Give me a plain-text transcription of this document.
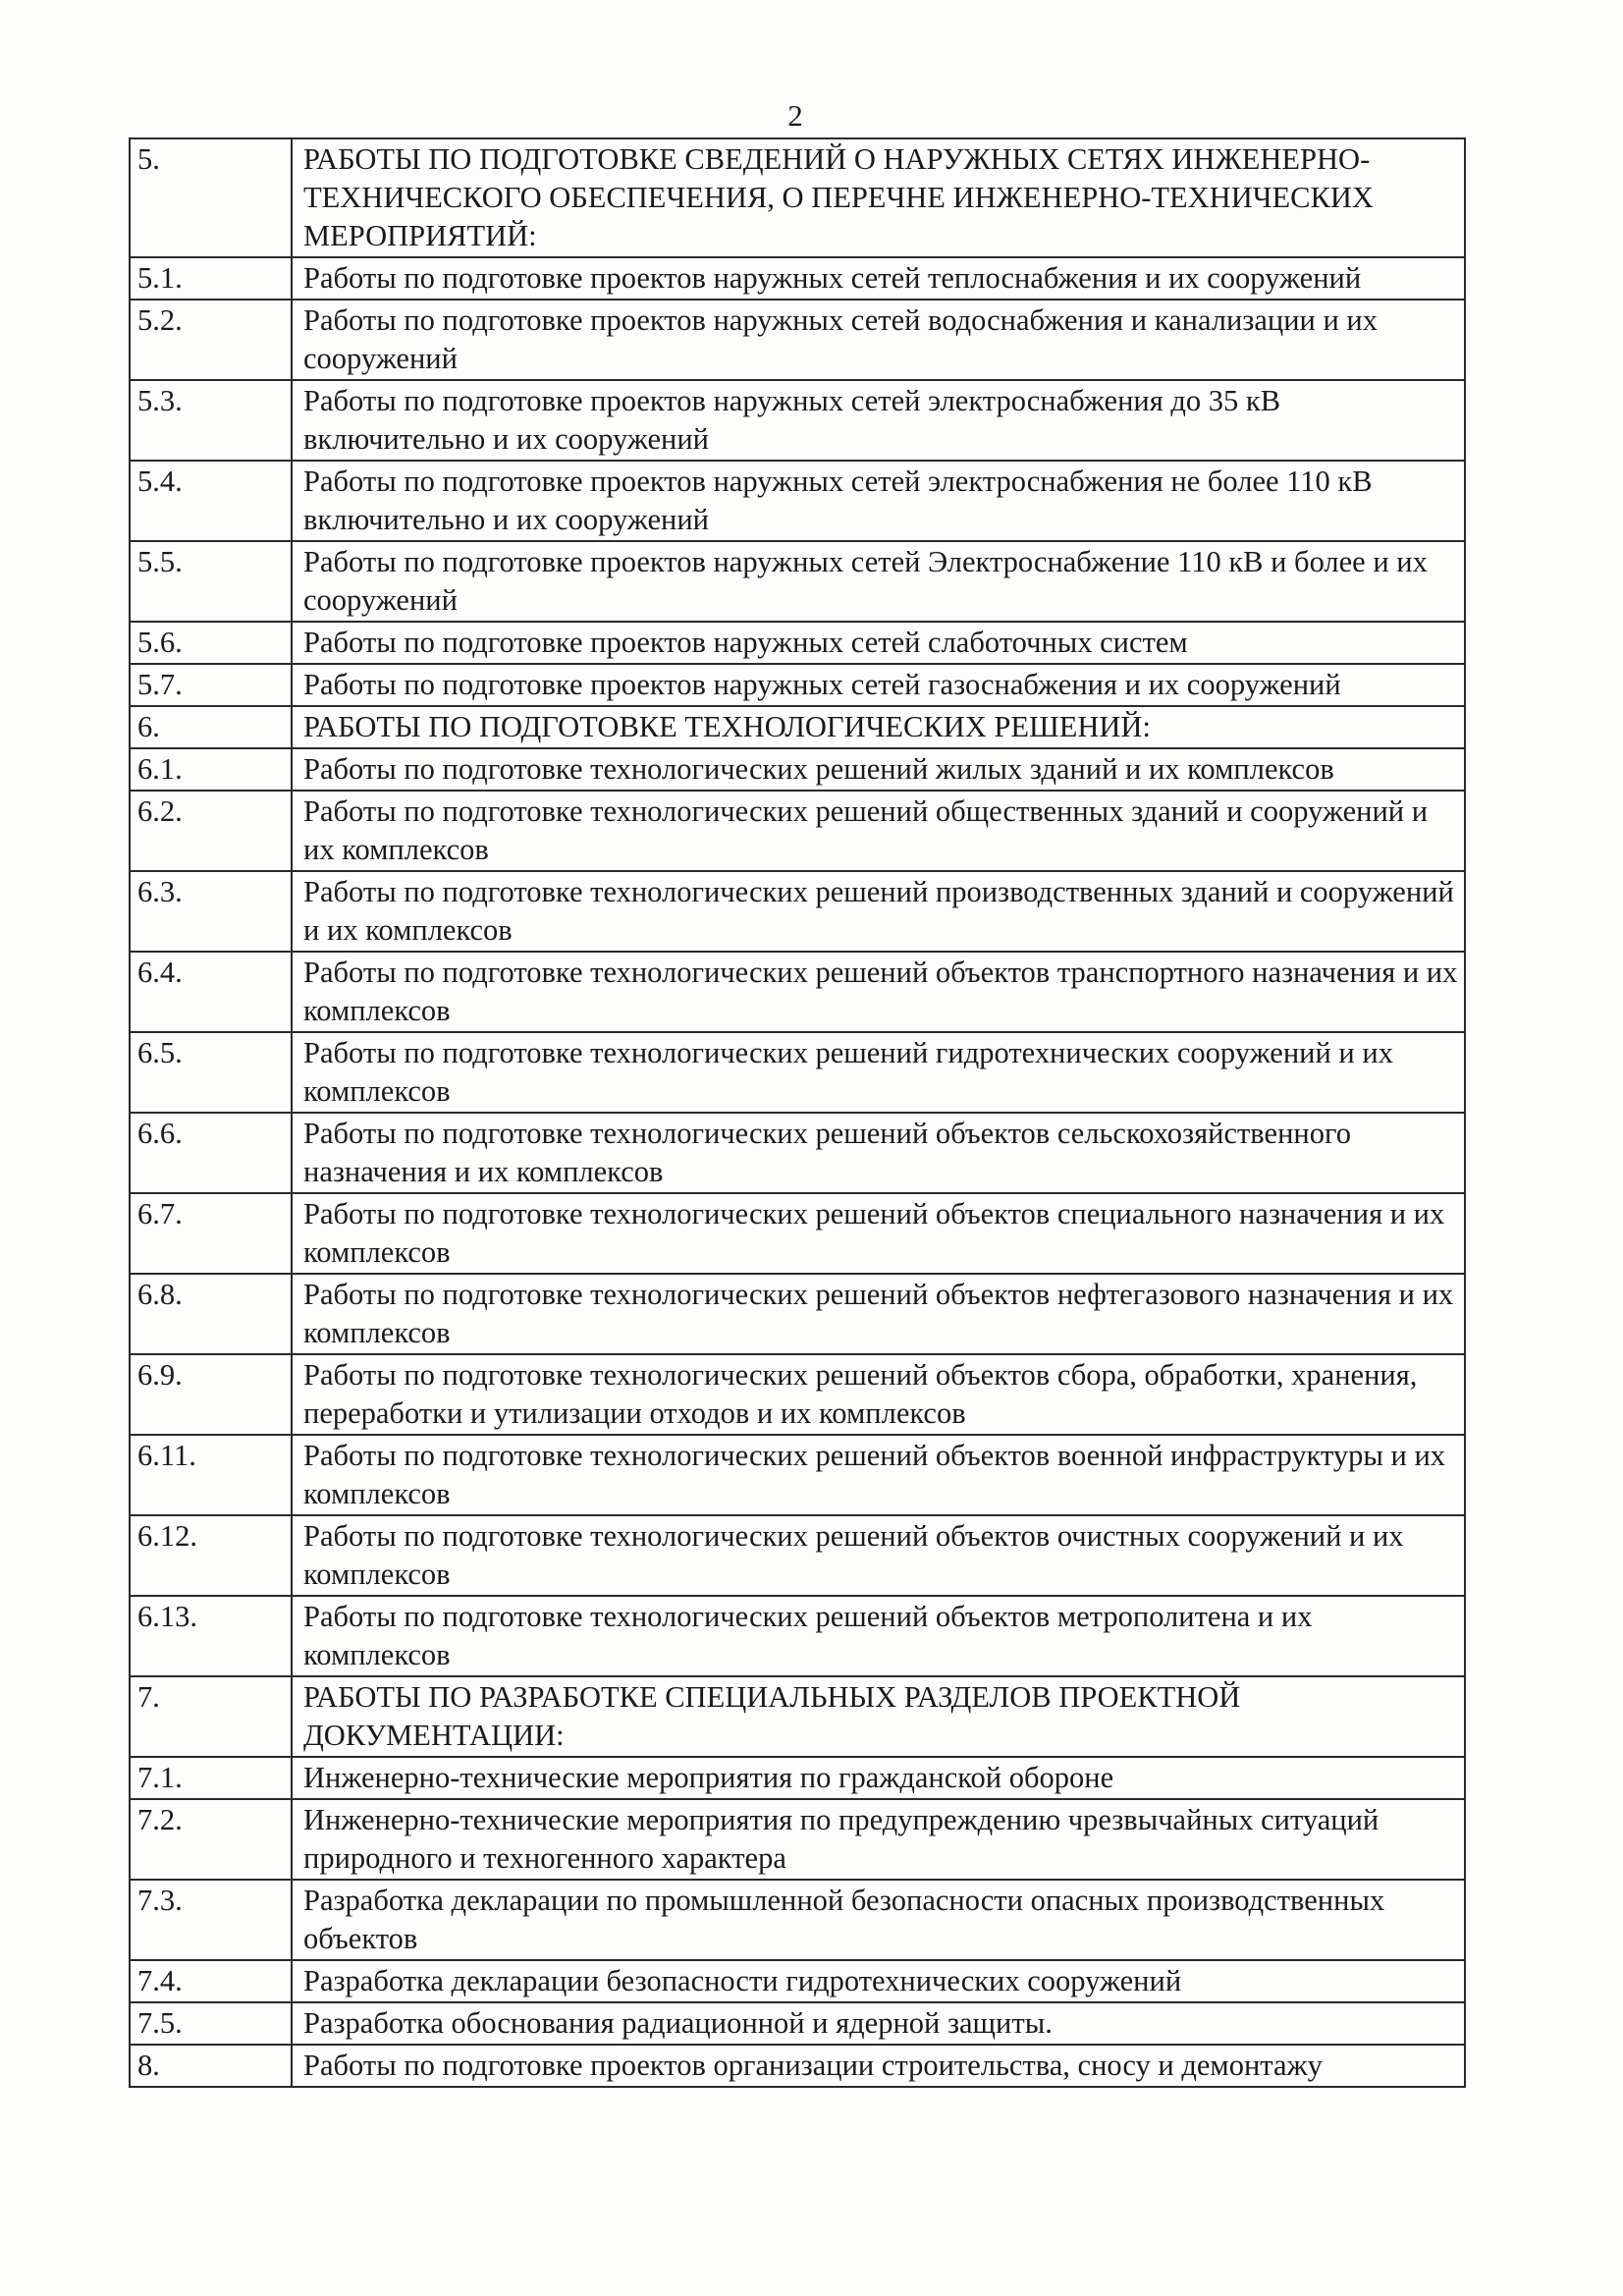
2
5.	РАБОТЫ ПО ПОДГОТОВКЕ СВЕДЕНИЙ О НАРУЖНЫХ СЕТЯХ ИНЖЕНЕРНО-ТЕХНИЧЕСКОГО ОБЕСПЕЧЕНИЯ, О ПЕРЕЧНЕ ИНЖЕНЕРНО-ТЕХНИЧЕСКИХ МЕРОПРИЯТИЙ:
5.1.	Работы по подготовке проектов наружных сетей теплоснабжения и их сооружений
5.2.	Работы по подготовке проектов наружных сетей водоснабжения и канализации и их сооружений
5.3.	Работы по подготовке проектов наружных сетей электроснабжения до 35 кВ включительно и их сооружений
5.4.	Работы по подготовке проектов наружных сетей электроснабжения не более 110 кВ включительно и их сооружений
5.5.	Работы по подготовке проектов наружных сетей Электроснабжение 110 кВ и более и их сооружений
5.6.	Работы по подготовке проектов наружных сетей слаботочных систем
5.7.	Работы по подготовке проектов наружных сетей газоснабжения и их сооружений
6.	РАБОТЫ ПО ПОДГОТОВКЕ ТЕХНОЛОГИЧЕСКИХ РЕШЕНИЙ:
6.1.	Работы по подготовке технологических решений жилых зданий и их комплексов
6.2.	Работы по подготовке технологических решений общественных зданий и сооружений и их комплексов
6.3.	Работы по подготовке технологических решений производственных зданий и сооружений и их комплексов
6.4.	Работы по подготовке технологических решений объектов транспортного назначения и их комплексов
6.5.	Работы по подготовке технологических решений гидротехнических сооружений и их комплексов
6.6.	Работы по подготовке технологических решений объектов сельскохозяйственного назначения и их комплексов
6.7.	Работы по подготовке технологических решений объектов специального назначения и их комплексов
6.8.	Работы по подготовке технологических решений объектов нефтегазового назначения и их комплексов
6.9.	Работы по подготовке технологических решений объектов сбора, обработки, хранения, переработки и утилизации отходов и их комплексов
6.11.	Работы по подготовке технологических решений объектов военной инфраструктуры и их комплексов
6.12.	Работы по подготовке технологических решений объектов очистных сооружений и их комплексов
6.13.	Работы по подготовке технологических решений объектов метрополитена и их комплексов
7.	РАБОТЫ ПО РАЗРАБОТКЕ СПЕЦИАЛЬНЫХ РАЗДЕЛОВ ПРОЕКТНОЙ ДОКУМЕНТАЦИИ:
7.1.	Инженерно-технические мероприятия по гражданской обороне
7.2.	Инженерно-технические мероприятия по предупреждению чрезвычайных ситуаций природного и техногенного характера
7.3.	Разработка декларации по промышленной безопасности опасных производственных объектов
7.4.	Разработка декларации безопасности гидротехнических сооружений
7.5.	Разработка обоснования радиационной и ядерной защиты.
8.	Работы по подготовке проектов организации строительства, сносу и демонтажу
